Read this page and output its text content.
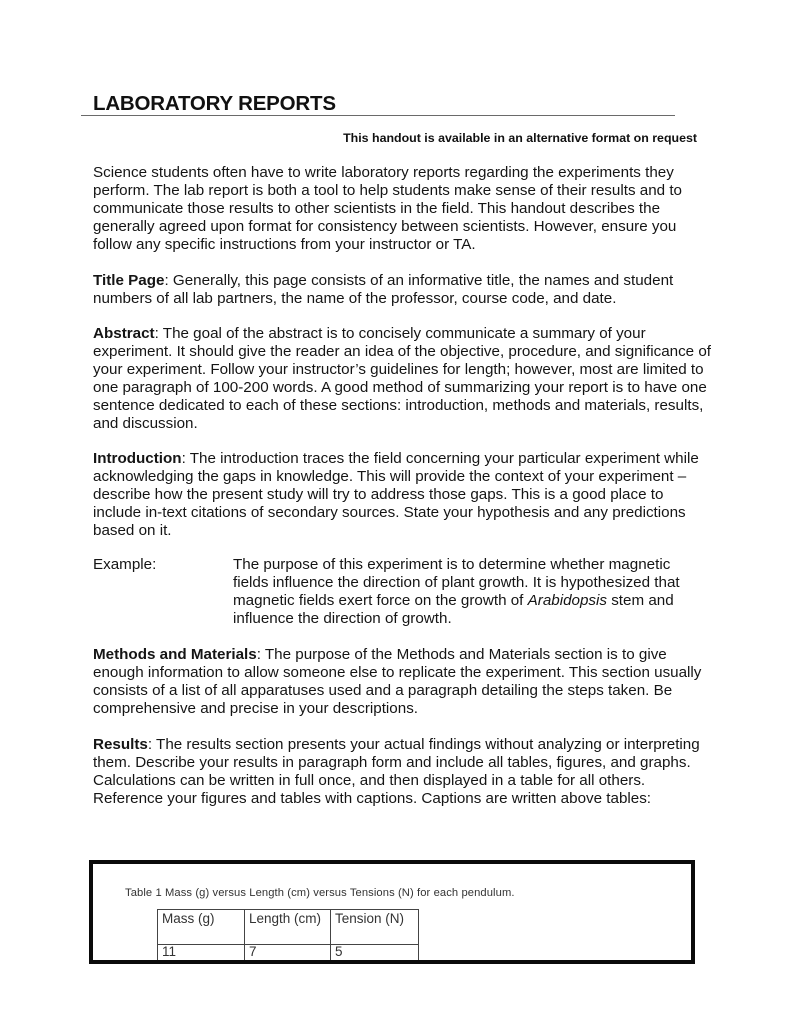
LABORATORY REPORTS
This handout is available in an alternative format on request

Science students often have to write laboratory reports regarding the experiments they perform. The lab report is both a tool to help students make sense of their results and to communicate those results to other scientists in the field. This handout describes the generally agreed upon format for consistency between scientists. However, ensure you follow any specific instructions from your instructor or TA.

Title Page: Generally, this page consists of an informative title, the names and student numbers of all lab partners, the name of the professor, course code, and date.

Abstract: The goal of the abstract is to concisely communicate a summary of your experiment. It should give the reader an idea of the objective, procedure, and significance of your experiment. Follow your instructor’s guidelines for length; however, most are limited to one paragraph of 100-200 words. A good method of summarizing your report is to have one sentence dedicated to each of these sections: introduction, methods and materials, results, and discussion.

Introduction: The introduction traces the field concerning your particular experiment while acknowledging the gaps in knowledge. This will provide the context of your experiment – describe how the present study will try to address those gaps. This is a good place to include in-text citations of secondary sources. State your hypothesis and any predictions based on it.

Example:	The purpose of this experiment is to determine whether magnetic fields influence the direction of plant growth. It is hypothesized that magnetic fields exert force on the growth of Arabidopsis stem and influence the direction of growth.

Methods and Materials: The purpose of the Methods and Materials section is to give enough information to allow someone else to replicate the experiment. This section usually consists of a list of all apparatuses used and a paragraph detailing the steps taken. Be comprehensive and precise in your descriptions.

Results: The results section presents your actual findings without analyzing or interpreting them. Describe your results in paragraph form and include all tables, figures, and graphs. Calculations can be written in full once, and then displayed in a table for all others. Reference your figures and tables with captions. Captions are written above tables:

Table 1 Mass (g) versus Length (cm) versus Tensions (N) for each pendulum.
Mass (g)	Length (cm)	Tension (N)
11	7	5
